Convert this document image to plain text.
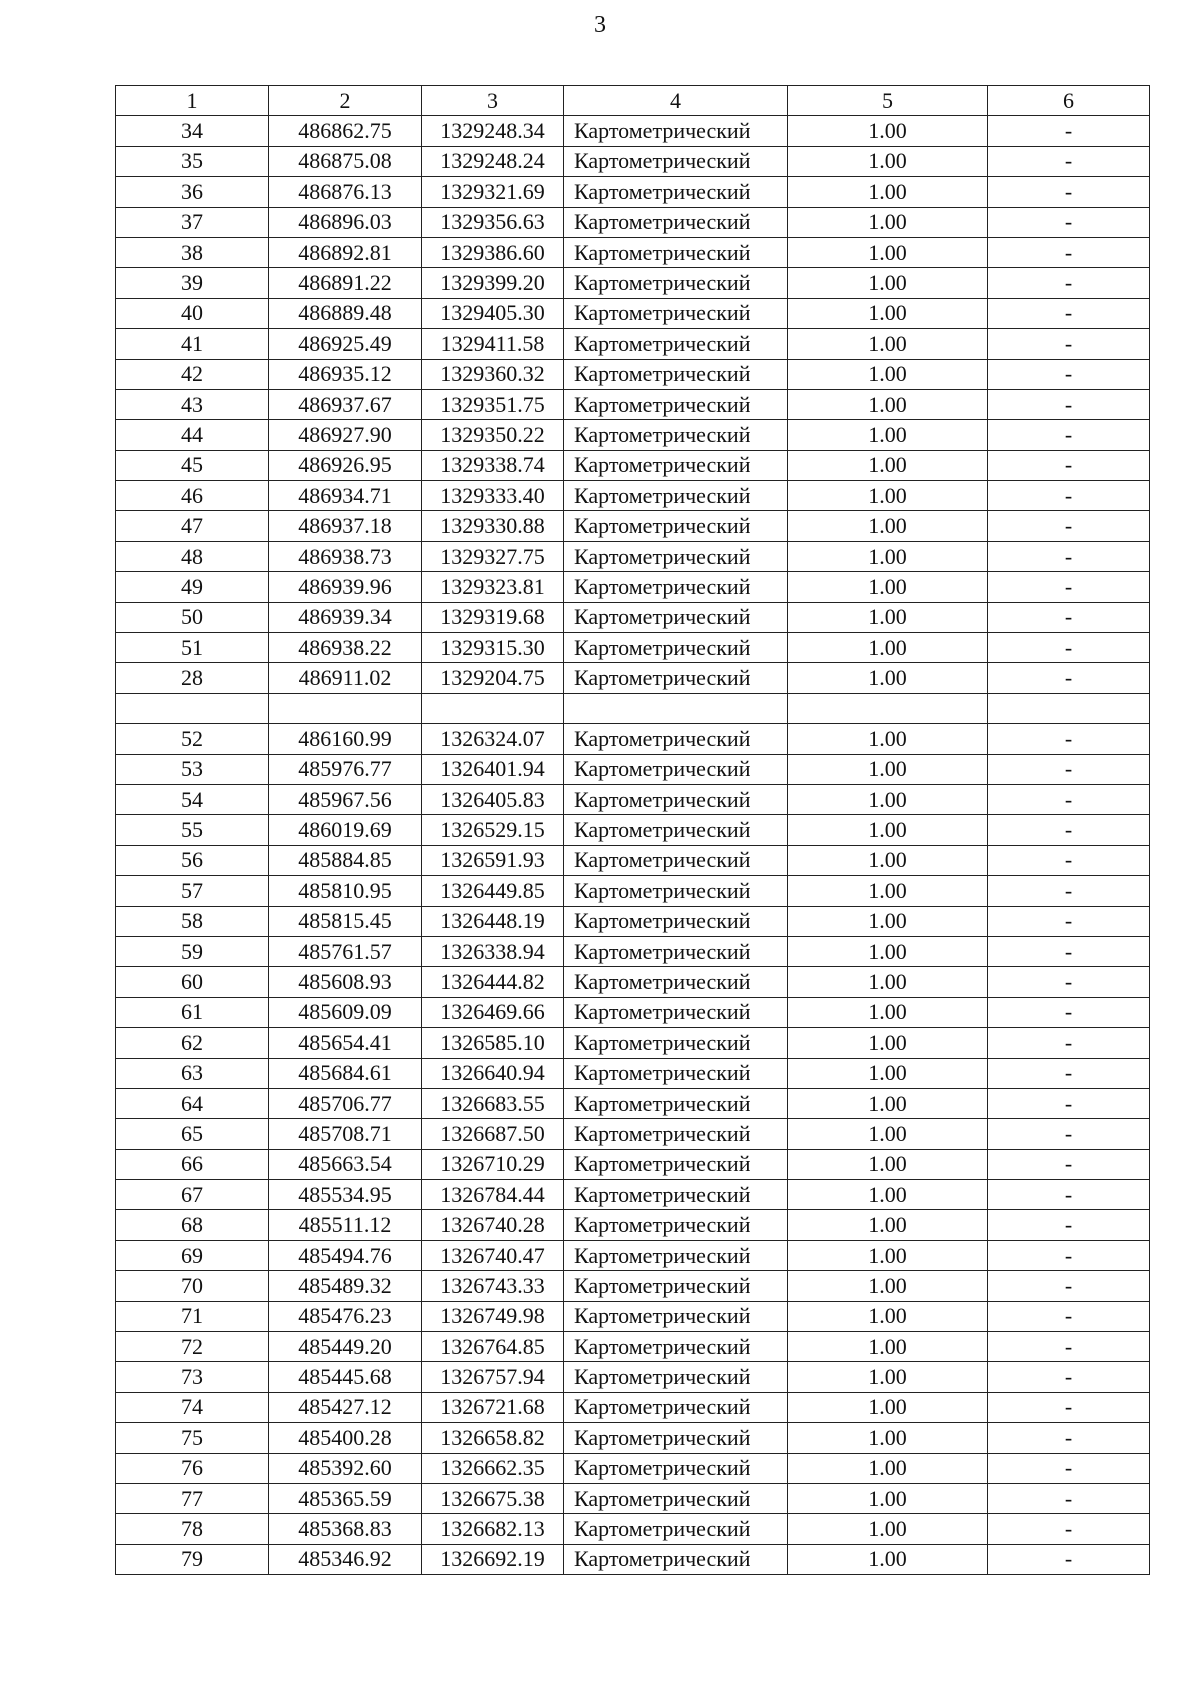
3
1	2	3	4	5	6
34	486862.75	1329248.34	Картометрический	1.00	-
35	486875.08	1329248.24	Картометрический	1.00	-
36	486876.13	1329321.69	Картометрический	1.00	-
37	486896.03	1329356.63	Картометрический	1.00	-
38	486892.81	1329386.60	Картометрический	1.00	-
39	486891.22	1329399.20	Картометрический	1.00	-
40	486889.48	1329405.30	Картометрический	1.00	-
41	486925.49	1329411.58	Картометрический	1.00	-
42	486935.12	1329360.32	Картометрический	1.00	-
43	486937.67	1329351.75	Картометрический	1.00	-
44	486927.90	1329350.22	Картометрический	1.00	-
45	486926.95	1329338.74	Картометрический	1.00	-
46	486934.71	1329333.40	Картометрический	1.00	-
47	486937.18	1329330.88	Картометрический	1.00	-
48	486938.73	1329327.75	Картометрический	1.00	-
49	486939.96	1329323.81	Картометрический	1.00	-
50	486939.34	1329319.68	Картометрический	1.00	-
51	486938.22	1329315.30	Картометрический	1.00	-
28	486911.02	1329204.75	Картометрический	1.00	-

52	486160.99	1326324.07	Картометрический	1.00	-
53	485976.77	1326401.94	Картометрический	1.00	-
54	485967.56	1326405.83	Картометрический	1.00	-
55	486019.69	1326529.15	Картометрический	1.00	-
56	485884.85	1326591.93	Картометрический	1.00	-
57	485810.95	1326449.85	Картометрический	1.00	-
58	485815.45	1326448.19	Картометрический	1.00	-
59	485761.57	1326338.94	Картометрический	1.00	-
60	485608.93	1326444.82	Картометрический	1.00	-
61	485609.09	1326469.66	Картометрический	1.00	-
62	485654.41	1326585.10	Картометрический	1.00	-
63	485684.61	1326640.94	Картометрический	1.00	-
64	485706.77	1326683.55	Картометрический	1.00	-
65	485708.71	1326687.50	Картометрический	1.00	-
66	485663.54	1326710.29	Картометрический	1.00	-
67	485534.95	1326784.44	Картометрический	1.00	-
68	485511.12	1326740.28	Картометрический	1.00	-
69	485494.76	1326740.47	Картометрический	1.00	-
70	485489.32	1326743.33	Картометрический	1.00	-
71	485476.23	1326749.98	Картометрический	1.00	-
72	485449.20	1326764.85	Картометрический	1.00	-
73	485445.68	1326757.94	Картометрический	1.00	-
74	485427.12	1326721.68	Картометрический	1.00	-
75	485400.28	1326658.82	Картометрический	1.00	-
76	485392.60	1326662.35	Картометрический	1.00	-
77	485365.59	1326675.38	Картометрический	1.00	-
78	485368.83	1326682.13	Картометрический	1.00	-
79	485346.92	1326692.19	Картометрический	1.00	-
